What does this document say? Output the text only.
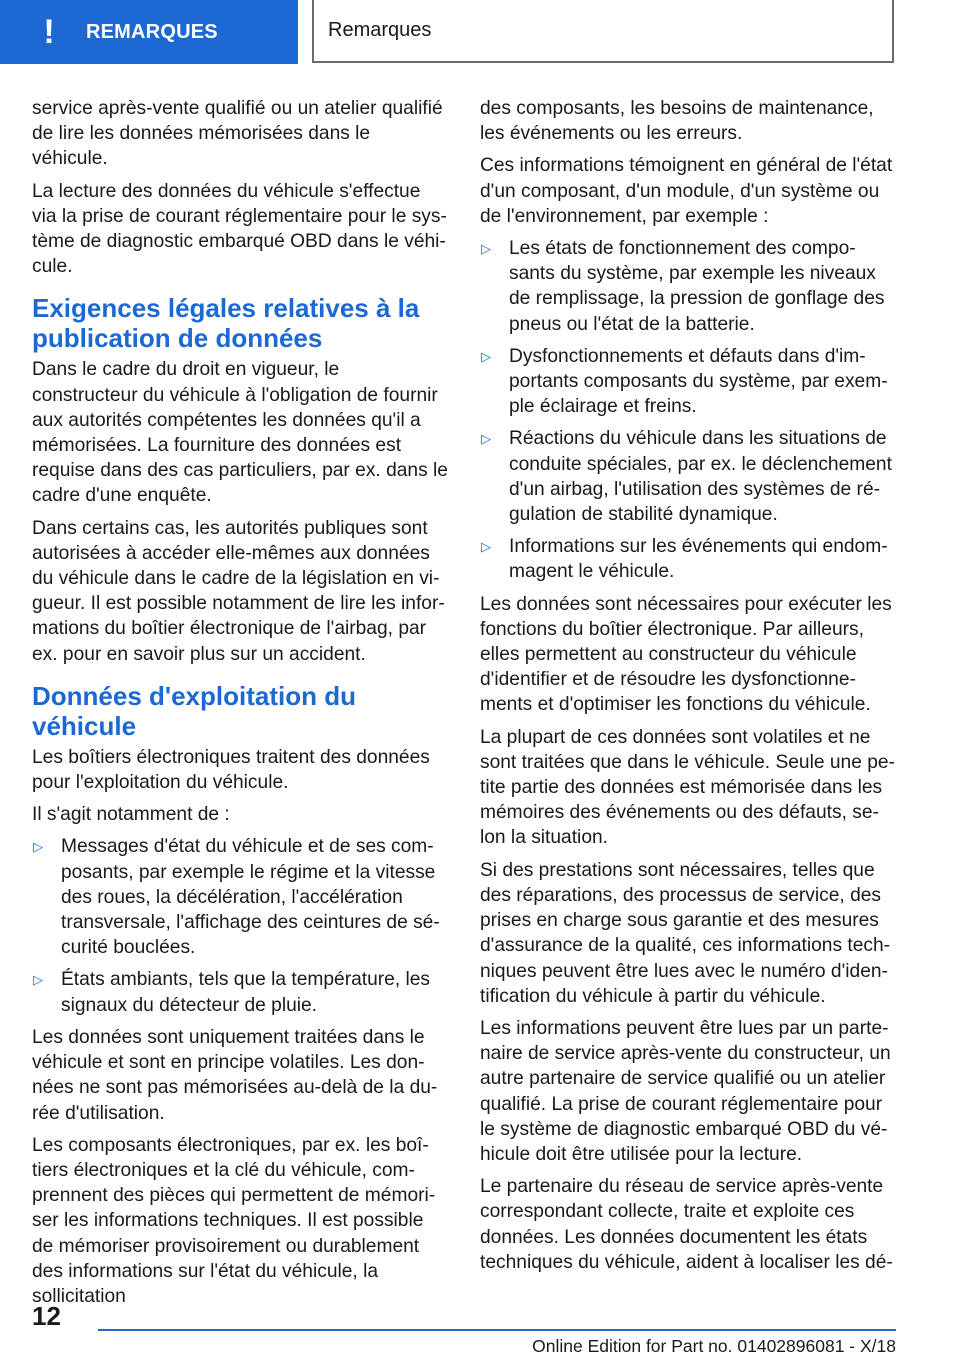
! REMARQUES	Remarques

service après-vente qualifié ou un atelier qualifié de lire les données mémorisées dans le véhicule.

La lecture des données du véhicule s'effectue via la prise de courant réglementaire pour le sys-tème de diagnostic embarqué OBD dans le véhi-cule.

Exigences légales relatives à la publication de données

Dans le cadre du droit en vigueur, le constructeur du véhicule à l'obligation de fournir aux autorités compétentes les données qu'il a mémorisées. La fourniture des données est requise dans des cas particuliers, par ex. dans le cadre d'une enquête.

Dans certains cas, les autorités publiques sont autorisées à accéder elle-mêmes aux données du véhicule dans le cadre de la législation en vi-gueur. Il est possible notamment de lire les infor-mations du boîtier électronique de l'airbag, par ex. pour en savoir plus sur un accident.

Données d'exploitation du véhicule

Les boîtiers électroniques traitent des données pour l'exploitation du véhicule.

Il s'agit notamment de :

▷ Messages d'état du véhicule et de ses com-posants, par exemple le régime et la vitesse des roues, la décélération, l'accélération transversale, l'affichage des ceintures de sé-curité bouclées.
▷ États ambiants, tels que la température, les signaux du détecteur de pluie.

Les données sont uniquement traitées dans le véhicule et sont en principe volatiles. Les don-nées ne sont pas mémorisées au-delà de la du-rée d'utilisation.

Les composants électroniques, par ex. les boî-tiers électroniques et la clé du véhicule, com-prennent des pièces qui permettent de mémori-ser les informations techniques. Il est possible de mémoriser provisoirement ou durablement des informations sur l'état du véhicule, la sollicitation

des composants, les besoins de maintenance, les événements ou les erreurs.

Ces informations témoignent en général de l'état d'un composant, d'un module, d'un système ou de l'environnement, par exemple :

▷ Les états de fonctionnement des compo-sants du système, par exemple les niveaux de remplissage, la pression de gonflage des pneus ou l'état de la batterie.
▷ Dysfonctionnements et défauts dans d'im-portants composants du système, par exem-ple éclairage et freins.
▷ Réactions du véhicule dans les situations de conduite spéciales, par ex. le déclenchement d'un airbag, l'utilisation des systèmes de ré-gulation de stabilité dynamique.
▷ Informations sur les événements qui endom-magent le véhicule.

Les données sont nécessaires pour exécuter les fonctions du boîtier électronique. Par ailleurs, elles permettent au constructeur du véhicule d'identifier et de résoudre les dysfonctionne-ments et d'optimiser les fonctions du véhicule.

La plupart de ces données sont volatiles et ne sont traitées que dans le véhicule. Seule une pe-tite partie des données est mémorisée dans les mémoires des événements ou des défauts, se-lon la situation.

Si des prestations sont nécessaires, telles que des réparations, des processus de service, des prises en charge sous garantie et des mesures d'assurance de la qualité, ces informations tech-niques peuvent être lues avec le numéro d'iden-tification du véhicule à partir du véhicule.

Les informations peuvent être lues par un parte-naire de service après-vente du constructeur, un autre partenaire de service qualifié ou un atelier qualifié. La prise de courant réglementaire pour le système de diagnostic embarqué OBD du vé-hicule doit être utilisée pour la lecture.

Le partenaire du réseau de service après-vente correspondant collecte, traite et exploite ces données. Les données documentent les états techniques du véhicule, aident à localiser les dé-

12
Online Edition for Part no. 01402896081 - X/18
